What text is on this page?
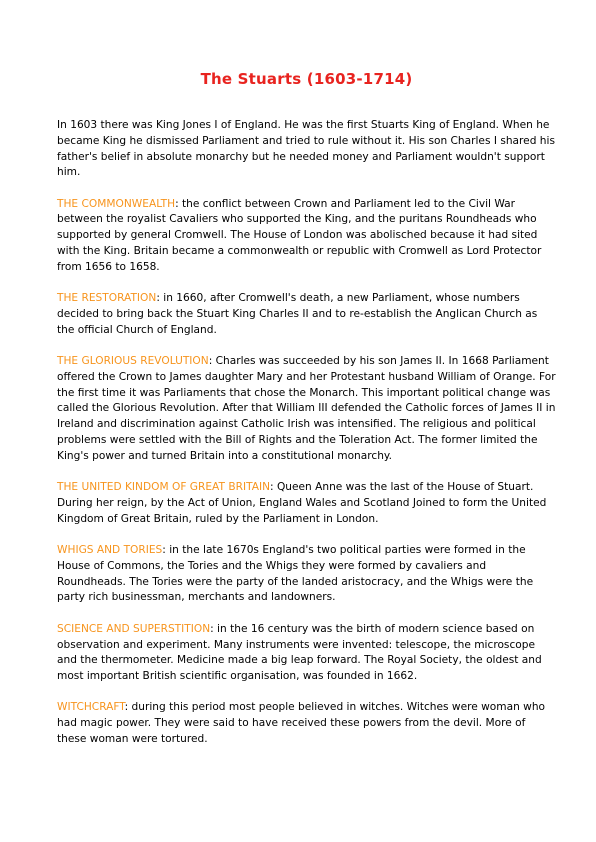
The Stuarts (1603-1714)

In 1603 there was King Jones I of England. He was the first Stuarts King of England. When he became King he dismissed Parliament and tried to rule without it. His son Charles I shared his father's belief in absolute monarchy but he needed money and Parliament wouldn't support him.

THE COMMONWEALTH: the conflict between Crown and Parliament led to the Civil War between the royalist Cavaliers who supported the King, and the puritans Roundheads who supported by general Cromwell. The House of London was abolisched because it had sited with the King. Britain became a commonwealth or republic with Cromwell as Lord Protector from 1656 to 1658.

THE RESTORATION: in 1660, after Cromwell's death, a new Parliament, whose numbers decided to bring back the Stuart King Charles II and to re-establish the Anglican Church as the official Church of England.

THE GLORIOUS REVOLUTION: Charles was succeeded by his son James II. In 1668 Parliament offered the Crown to James daughter Mary and her Protestant husband William of Orange. For the first time it was Parliaments that chose the Monarch. This important political change was called the Glorious Revolution. After that William III defended the Catholic forces of James II in Ireland and discrimination against Catholic Irish was intensified. The religious and political problems were settled with the Bill of Rights and the Toleration Act. The former limited the King's power and turned Britain into a constitutional monarchy.

THE UNITED KINDOM OF GREAT BRITAIN: Queen Anne was the last of the House of Stuart. During her reign, by the Act of Union, England Wales and Scotland Joined to form the United Kingdom of Great Britain, ruled by the Parliament in London.

WHIGS AND TORIES: in the late 1670s England's two political parties were formed in the House of Commons, the Tories and the Whigs they were formed by cavaliers and Roundheads. The Tories were the party of the landed aristocracy, and the Whigs were the party rich businessman, merchants and landowners.

SCIENCE AND SUPERSTITION: in the 16 century was the birth of modern science based on observation and experiment. Many instruments were invented: telescope, the microscope and the thermometer. Medicine made a big leap forward. The Royal Society, the oldest and most important British scientific organisation, was founded in 1662.

WITCHCRAFT: during this period most people believed in witches. Witches were woman who had magic power. They were said to have received these powers from the devil. More of these woman were tortured.
